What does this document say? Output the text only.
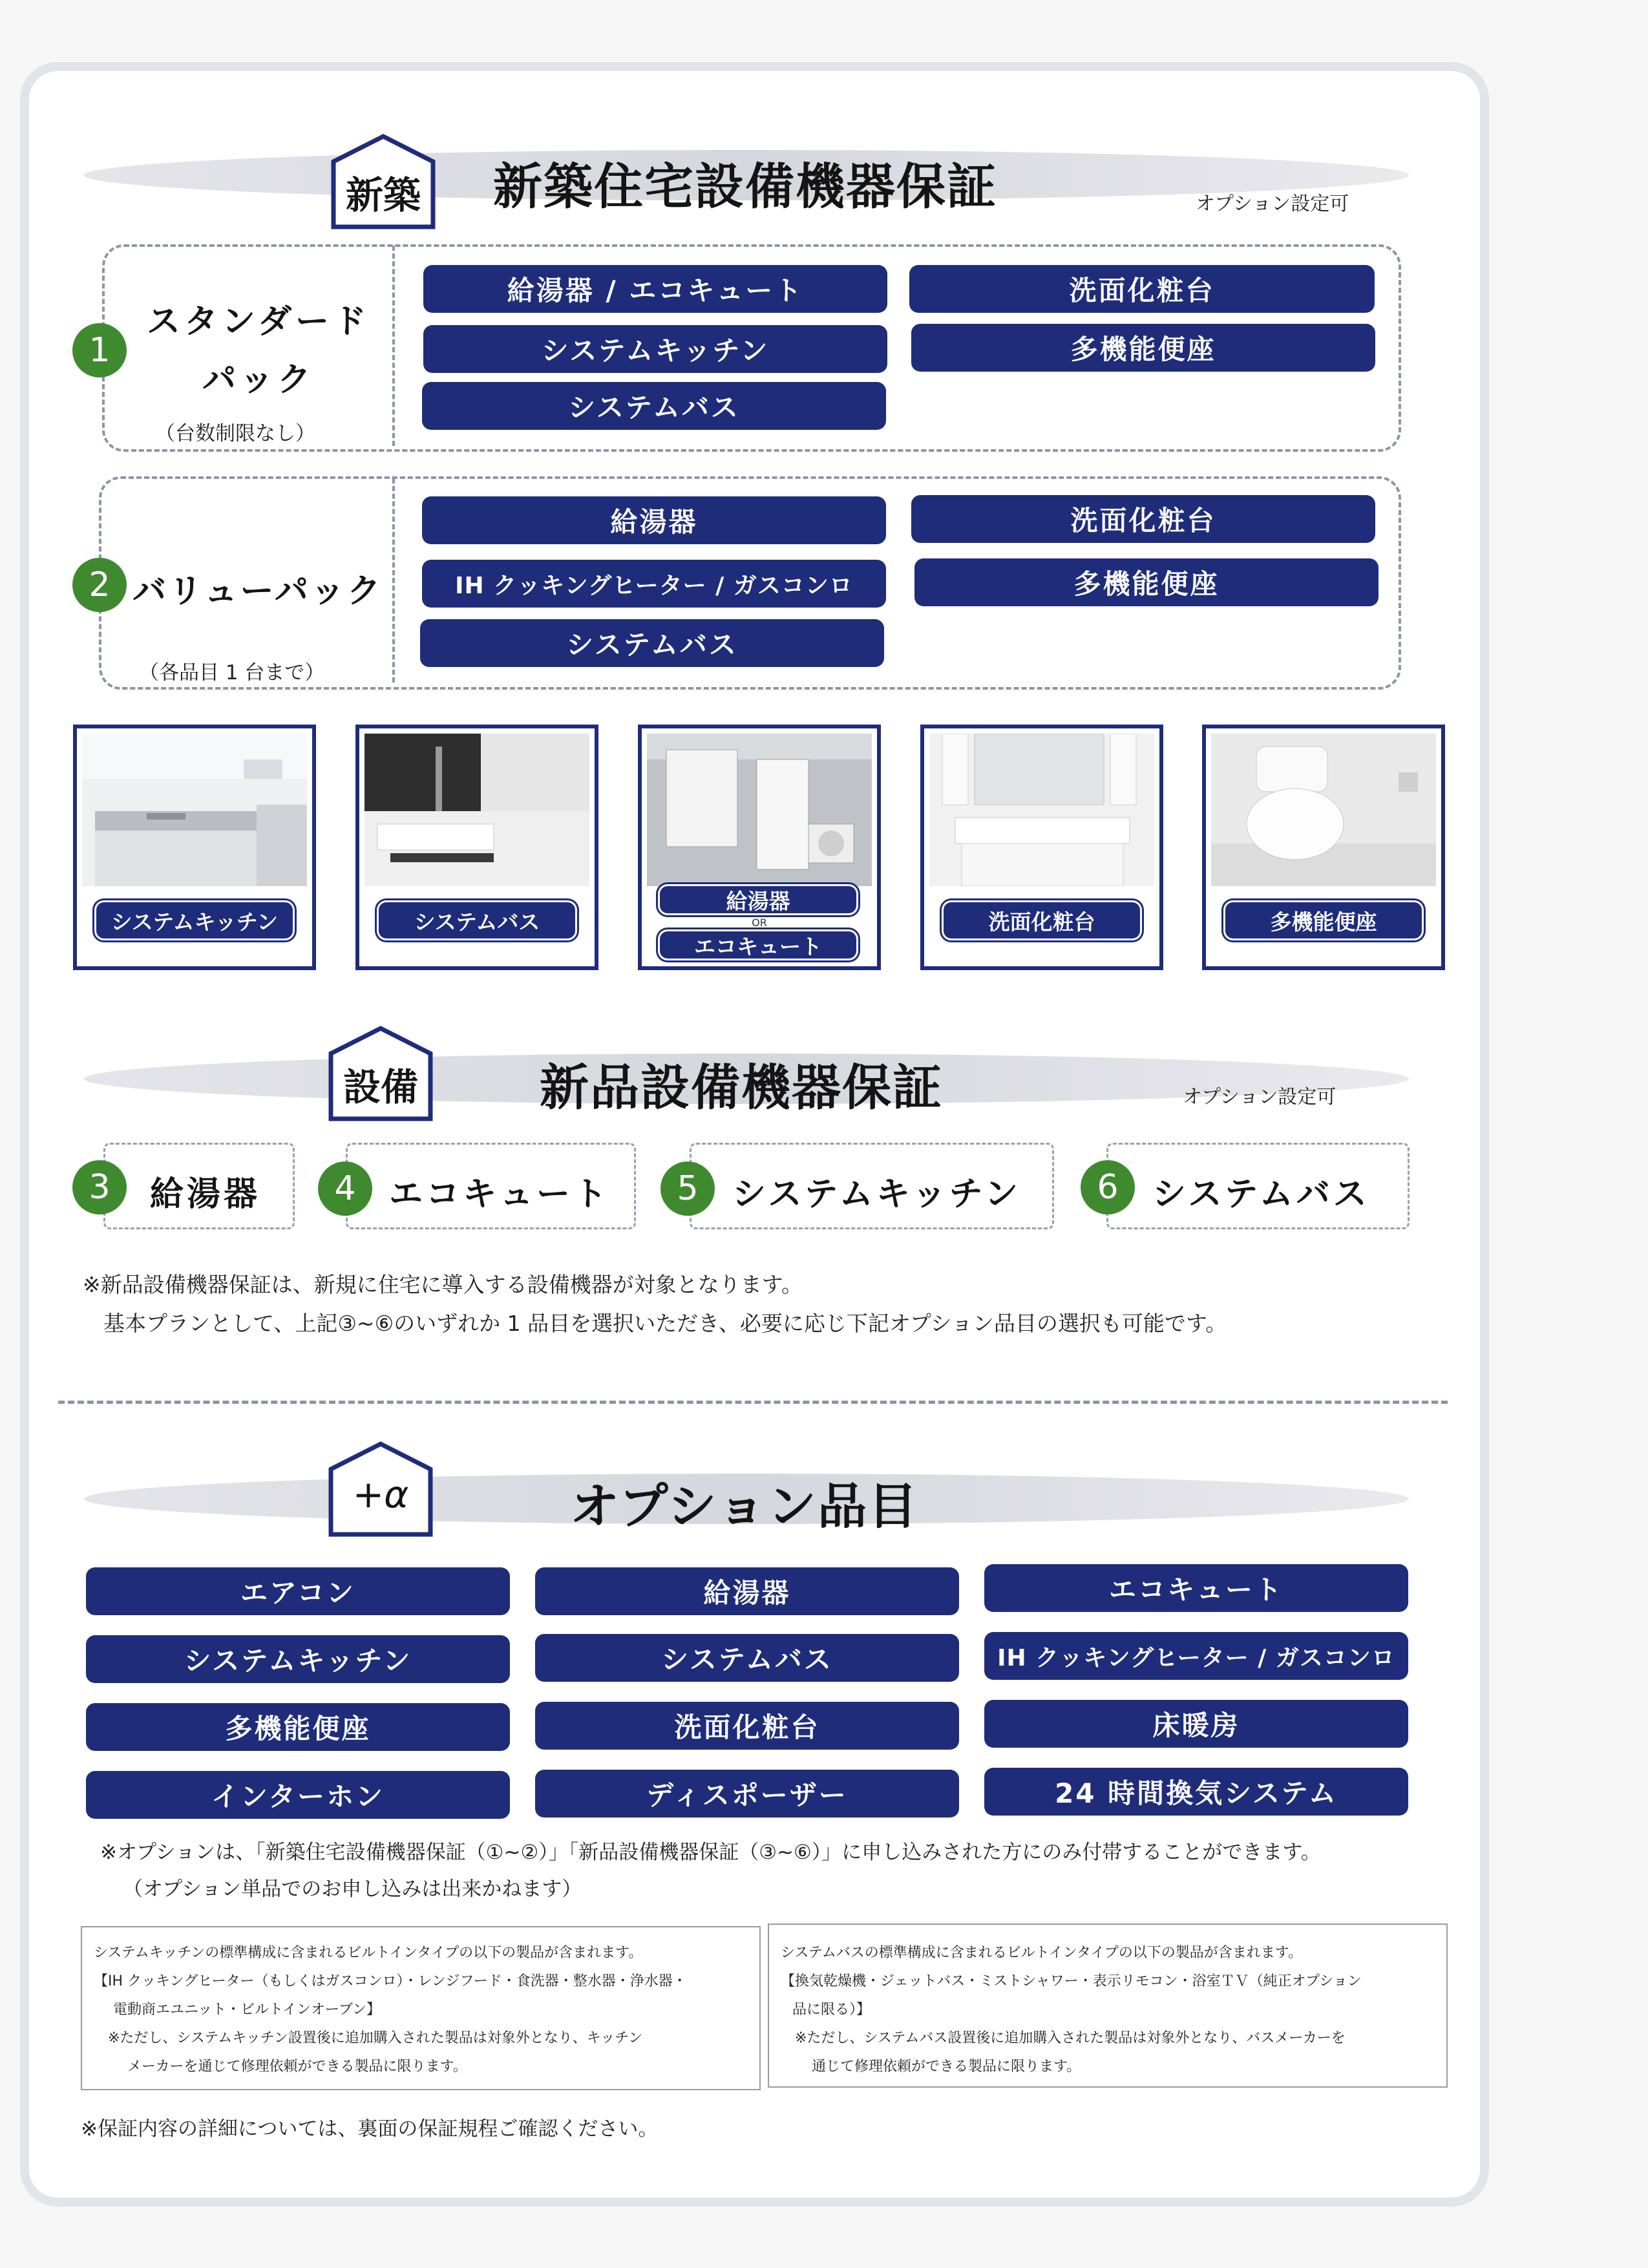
新築	新築住宅設備機器保証	オプション設定可
1
スタンダード
パック
（台数制限なし）
給湯器 / エコキュート	洗面化粧台
システムキッチン	多機能便座
システムバス
2 バリューパック
（各品目 1 台まで）
給湯器	洗面化粧台
IH クッキングヒーター / ガスコンロ	多機能便座
システムバス
システムキッチン	システムバス
給湯器
OR
エコキュート
洗面化粧台	多機能便座
設備	新品設備機器保証	オプション設定可
3	給湯器	4 エコキュート	5	システムキッチン	6	システムバス
※新品設備機器保証は、新規に住宅に導入する設備機器が対象となります。
基本プランとして、上記③~⑥のいずれか 1 品目を選択いただき、必要に応じ下記オプション品目の選択も可能です。
+α	オプション品目
エアコン	給湯器	エコキュート
システムキッチン	システムバス	IH クッキングヒーター / ガスコンロ
多機能便座	洗面化粧台	床暖房
インターホン	ディスポーザー	24 時間換気システム
※オプションは、「新築住宅設備機器保証（①~②）」「新品設備機器保証（③~⑥）」に申し込みされた方にのみ付帯することができます。
（オプション単品でのお申し込みは出来かねます）
システムキッチンの標準構成に含まれるビルトインタイプの以下の製品が含まれます。
【IH クッキングヒーター（もしくはガスコンロ）・レンジフード・食洗器・整水器・浄水器・
電動商エユニット・ビルトインオーブン】
※ただし、システムキッチン設置後に追加購入された製品は対象外となり、キッチン
メーカーを通じて修理依頼ができる製品に限ります。
システムバスの標準構成に含まれるビルトインタイプの以下の製品が含まれます。
【換気乾燥機・ジェットバス・ミストシャワー・表示リモコン・浴室ＴＶ（純正オプション
品に限る）】
※ただし、システムバス設置後に追加購入された製品は対象外となり、バスメーカーを
通じて修理依頼ができる製品に限ります。
※保証内容の詳細については、裏面の保証規程ご確認ください。
